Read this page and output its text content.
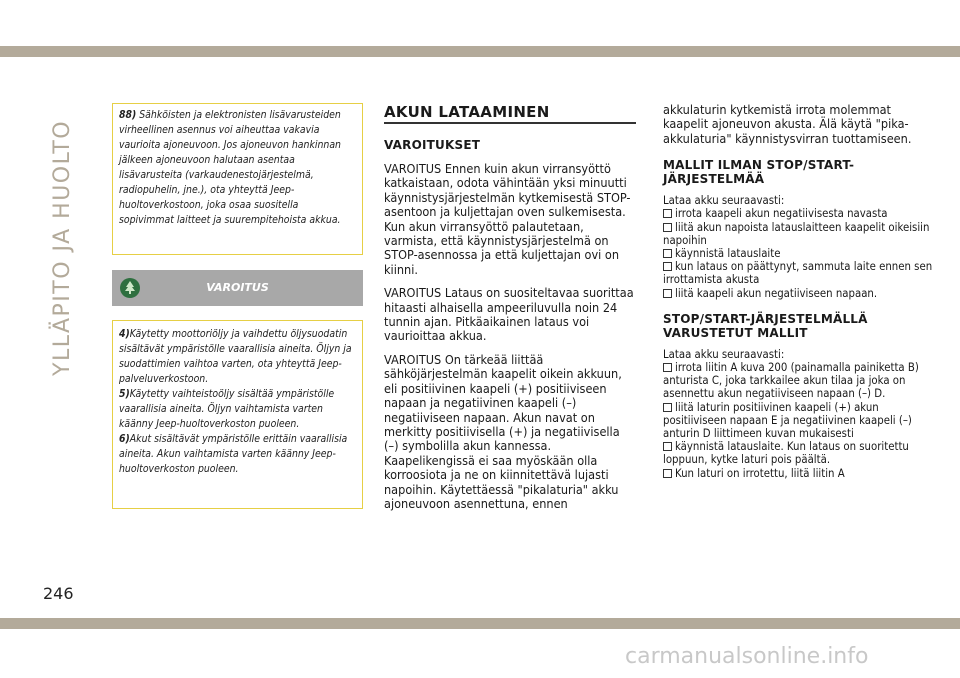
YLLÄPITO JA HUOLTO

88) Sähköisten ja elektronisten lisävarusteiden virheellinen asennus voi aiheuttaa vakavia vaurioita ajoneuvoon. Jos ajoneuvon hankinnan jälkeen ajoneuvoon halutaan asentaa lisävarusteita (varkaudenestojärjestelmä, radiopuhelin, jne.), ota yhteyttä Jeep-huoltoverkostoon, joka osaa suositella sopivimmat laitteet ja suurempitehoista akkua.

VAROITUS

4)Käytetty moottoriöljy ja vaihdettu öljysuodatin sisältävät ympäristölle vaarallisia aineita. Öljyn ja suodattimien vaihtoa varten, ota yhteyttä Jeep-palveluverkostoon.

5)Käytetty vaihteistoöljy sisältää ympäristölle vaarallisia aineita. Öljyn vaihtamista varten käänny Jeep-huoltoverkoston puoleen.

6)Akut sisältävät ympäristölle erittäin vaarallisia aineita. Akun vaihtamista varten käänny Jeep-huoltoverkoston puoleen.

AKUN LATAAMINEN
VAROITUKSET

VAROITUS Ennen kuin akun virransyöttö katkaistaan, odota vähintään yksi minuutti käynnistysjärjestelmän kytkemisestä STOP-asentoon ja kuljettajan oven sulkemisesta. Kun akun virransyöttö palautetaan, varmista, että käynnistysjärjestelmä on STOP-asennossa ja että kuljettajan ovi on kiinni.

VAROITUS Lataus on suositeltavaa suorittaa hitaasti alhaisella ampeeriluvulla noin 24 tunnin ajan. Pitkäaikainen lataus voi vaurioittaa akkua.

VAROITUS On tärkeää liittää sähköjärjestelmän kaapelit oikein akkuun, eli positiivinen kaapeli (+) positiiviseen napaan ja negatiivinen kaapeli (–) negatiiviseen napaan. Akun navat on merkitty positiivisella (+) ja negatiivisella (–) symbolilla akun kannessa. Kaapelikengissä ei saa myöskään olla korroosiota ja ne on kiinnitettävä lujasti napoihin. Käytettäessä "pikalaturia" akku ajoneuvoon asennettuna, ennen

akkulaturin kytkemistä irrota molemmat kaapelit ajoneuvon akusta. Älä käytä "pika-akkulaturia" käynnistysvirran tuottamiseen.

MALLIT ILMAN STOP/START-JÄRJESTELMÄÄ

Lataa akku seuraavasti:

irrota kaapeli akun negatiivisesta navasta

liitä akun napoista latauslaitteen kaapelit oikeisiin napoihin

käynnistä latauslaite

kun lataus on päättynyt, sammuta laite ennen sen irrottamista akusta

liitä kaapeli akun negatiiviseen napaan.

STOP/START-JÄRJESTELMÄLLÄ VARUSTETUT MALLIT

Lataa akku seuraavasti:

irrota liitin A kuva 200 (painamalla painiketta B) anturista C, joka tarkkailee akun tilaa ja joka on asennettu akun negatiiviseen napaan (–) D.

liitä laturin positiivinen kaapeli (+) akun positiiviseen napaan E ja negatiivinen kaapeli (–) anturin D liittimeen kuvan mukaisesti

käynnistä latauslaite. Kun lataus on suoritettu loppuun, kytke laturi pois päältä.

Kun laturi on irrotettu, liitä liitin A

246
carmanualsonline.info
